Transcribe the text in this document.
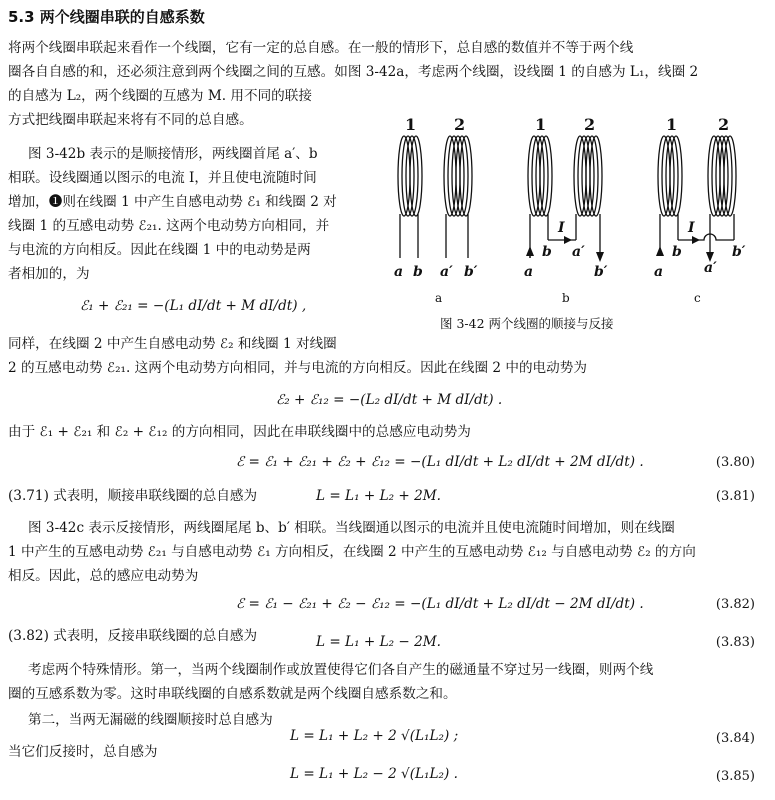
5.3 两个线圈串联的自感系数
将两个线圈串联起来看作一个线圈，它有一定的总自感。在一般的情形下，总自感的数值并不等于两个线
圈各自自感的和，还必须注意到两个线圈之间的互感。如图 3-42a，考虑两个线圈，设线圈 1 的自感为 L₁，线圈 2
的自感为 L₂，两个线圈的互感为 M. 用不同的联接
方式把线圈串联起来将有不同的总自感。
图 3-42b 表示的是顺接情形，两线圈首尾 a′、b
相联。设线圈通以图示的电流 I，并且使电流随时间
增加，❶则在线圈 1 中产生自感电动势 ℰ₁ 和线圈 2 对
线圈 1 的互感电动势 ℰ₂₁. 这两个电动势方向相同，并
与电流的方向相反。因此在线圈 1 中的电动势是两
者相加的，为
ℰ₁ + ℰ₂₁ = −(L₁ dI/dt + M dI/dt) ,
1 2	1 2	1	2
a b a′ b′	a
b a′
b′
I
a
b
a′
b′
I
a	b	c
图 3-42 两个线圈的顺接与反接
同样，在线圈 2 中产生自感电动势 ℰ₂ 和线圈 1 对线圈
2 的互感电动势 ℰ₂₁. 这两个电动势方向相同，并与电流的方向相反。因此在线圈 2 中的电动势为
ℰ₂ + ℰ₁₂ = −(L₂ dI/dt + M dI/dt) .
由于 ℰ₁ + ℰ₂₁ 和 ℰ₂ + ℰ₁₂ 的方向相同，因此在串联线圈中的总感应电动势为
ℰ = ℰ₁ + ℰ₂₁ + ℰ₂ + ℰ₁₂ = −(L₁ dI/dt + L₂ dI/dt + 2M dI/dt) .	(3.80)
(3.71) 式表明，顺接串联线圈的总自感为	L = L₁ + L₂ + 2M.	(3.81)
图 3-42c 表示反接情形，两线圈尾尾 b、b′ 相联。当线圈通以图示的电流并且使电流随时间增加，则在线圈
1 中产生的互感电动势 ℰ₂₁ 与自感电动势 ℰ₁ 方向相反，在线圈 2 中产生的互感电动势 ℰ₁₂ 与自感电动势 ℰ₂ 的方向
相反。因此，总的感应电动势为
ℰ = ℰ₁ − ℰ₂₁ + ℰ₂ − ℰ₁₂ = −(L₁ dI/dt + L₂ dI/dt − 2M dI/dt) .	(3.82)
(3.82) 式表明，反接串联线圈的总自感为	L = L₁ + L₂ − 2M.	(3.83)
考虑两个特殊情形。第一，当两个线圈制作或放置使得它们各自产生的磁通量不穿过另一线圈，则两个线
圈的互感系数为零。这时串联线圈的自感系数就是两个线圈自感系数之和。
第二，当两无漏磁的线圈顺接时总自感为
L = L₁ + L₂ + 2 √(L₁L₂) ;	(3.84)
当它们反接时，总自感为
L = L₁ + L₂ − 2 √(L₁L₂) .	(3.85)
